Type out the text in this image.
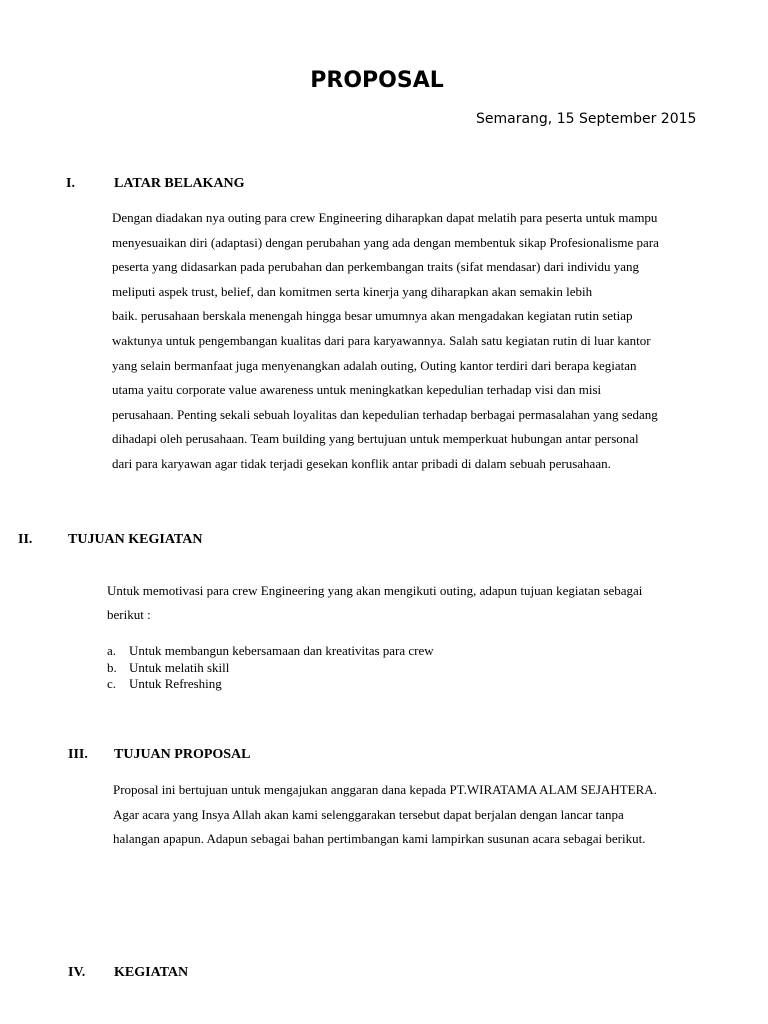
PROPOSAL
Semarang, 15 September 2015
I.	LATAR BELAKANG
Dengan diadakan nya outing para crew Engineering diharapkan dapat melatih para peserta untuk mampu
menyesuaikan diri (adaptasi) dengan perubahan yang ada dengan membentuk sikap Profesionalisme para
peserta yang didasarkan pada perubahan dan perkembangan traits (sifat mendasar) dari individu yang
meliputi aspek trust, belief, dan komitmen serta kinerja yang diharapkan akan semakin lebih
baik. perusahaan berskala menengah hingga besar umumnya akan mengadakan kegiatan rutin setiap
waktunya untuk pengembangan kualitas dari para karyawannya. Salah satu kegiatan rutin di luar kantor
yang selain bermanfaat juga menyenangkan adalah outing, Outing kantor terdiri dari berapa kegiatan
utama yaitu corporate value awareness untuk meningkatkan kepedulian terhadap visi dan misi
perusahaan. Penting sekali sebuah loyalitas dan kepedulian terhadap berbagai permasalahan yang sedang
dihadapi oleh perusahaan. Team building yang bertujuan untuk memperkuat hubungan antar personal
dari para karyawan agar tidak terjadi gesekan konflik antar pribadi di dalam sebuah perusahaan.
II.	TUJUAN KEGIATAN
Untuk memotivasi para crew Engineering yang akan mengikuti outing, adapun tujuan kegiatan sebagai
berikut :
a. Untuk membangun kebersamaan dan kreativitas para crew
b. Untuk melatih skill
c. Untuk Refreshing
III. TUJUAN PROPOSAL
Proposal ini bertujuan untuk mengajukan anggaran dana kepada PT.WIRATAMA ALAM SEJAHTERA.
Agar acara yang Insya Allah akan kami selenggarakan tersebut dapat berjalan dengan lancar tanpa
halangan apapun. Adapun sebagai bahan pertimbangan kami lampirkan susunan acara sebagai berikut.
IV. KEGIATAN
